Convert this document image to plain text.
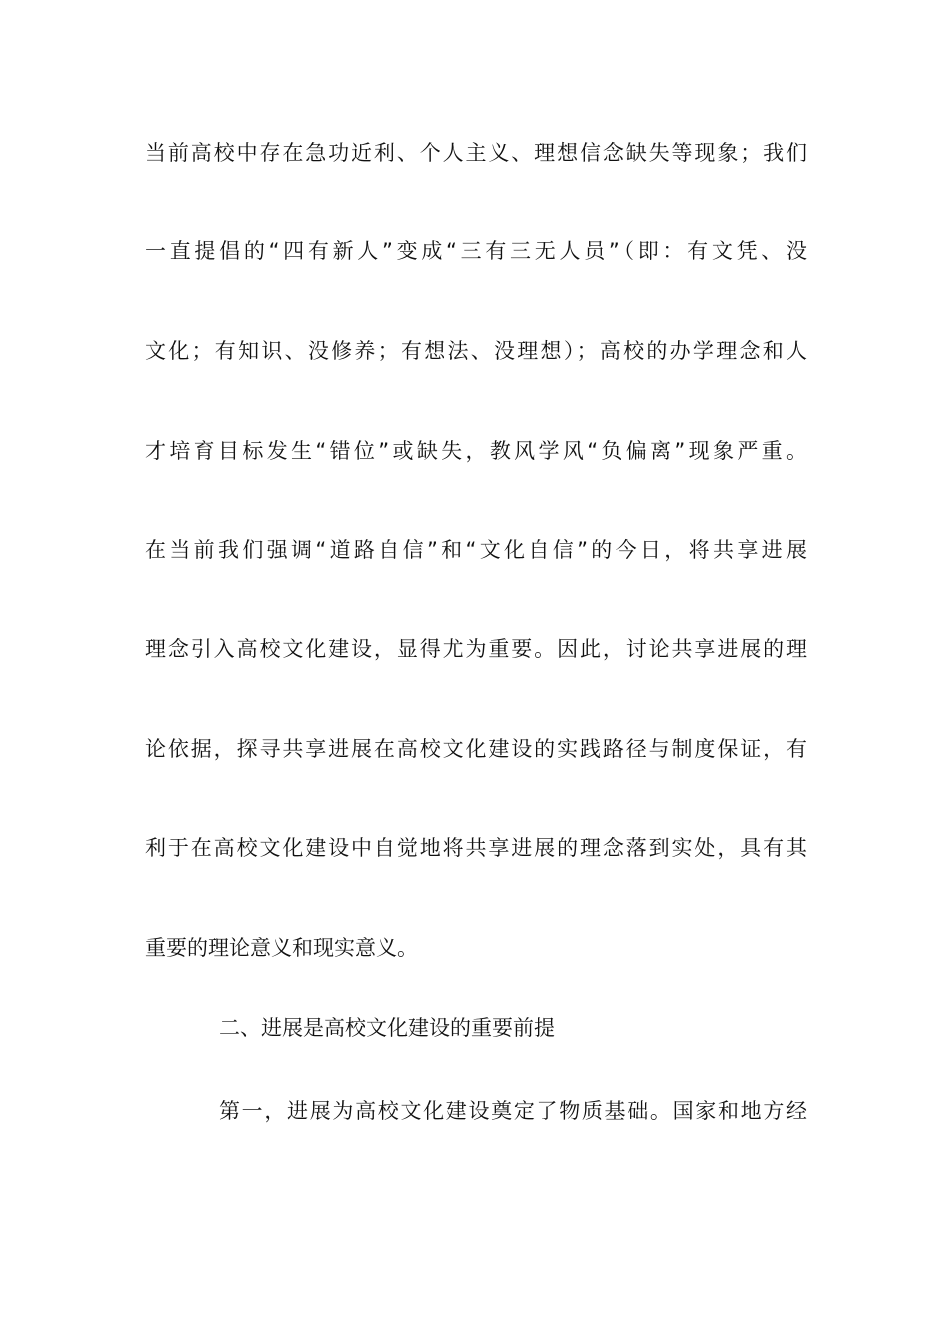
当前高校中存在急功近利、个人主义、理想信念缺失等现象；我们
一直提倡的“四有新人”变成“三有三无人员”（即：有文凭、没
文化；有知识、没修养；有想法、没理想）；高校的办学理念和人
才培育目标发生“错位”或缺失，教风学风“负偏离”现象严重。
在当前我们强调“道路自信”和“文化自信”的今日，将共享进展
理念引入高校文化建设，显得尤为重要。因此，讨论共享进展的理
论依据，探寻共享进展在高校文化建设的实践路径与制度保证，有
利于在高校文化建设中自觉地将共享进展的理念落到实处，具有其
重要的理论意义和现实意义。
二、进展是高校文化建设的重要前提
第一，进展为高校文化建设奠定了物质基础。国家和地方经
